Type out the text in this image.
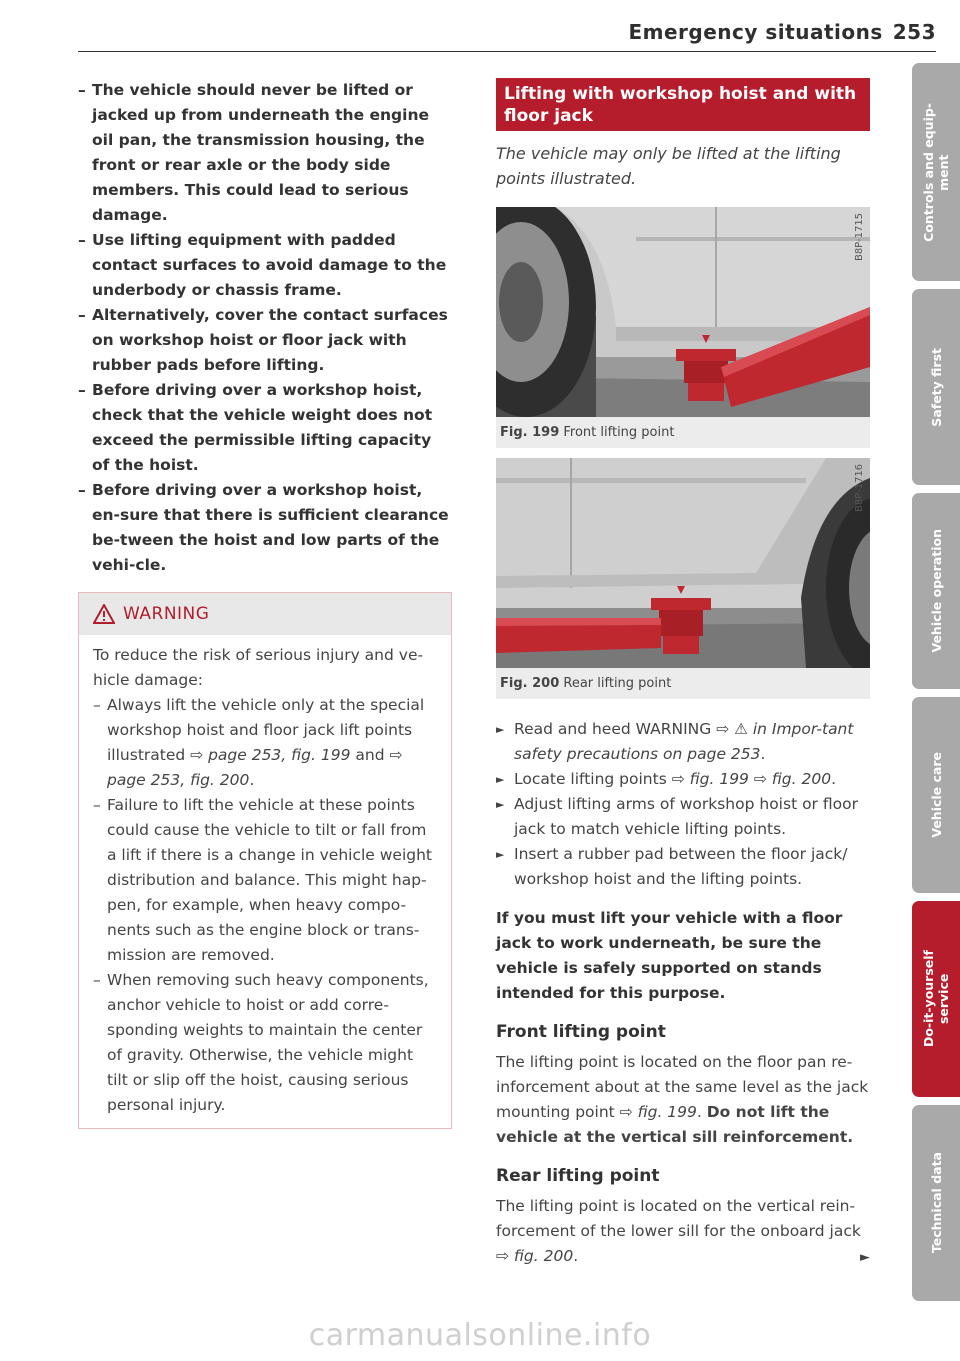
Emergency situations 253
– The vehicle should never be lifted or jacked up from underneath the engine oil pan, the transmission housing, the front or rear axle or the body side members. This could lead to serious damage.
– Use lifting equipment with padded contact surfaces to avoid damage to the underbody or chassis frame.
– Alternatively, cover the contact surfaces on workshop hoist or floor jack with rubber pads before lifting.
– Before driving over a workshop hoist, check that the vehicle weight does not exceed the permissible lifting capacity of the hoist.
– Before driving over a workshop hoist, en-sure that there is sufficient clearance be-tween the hoist and low parts of the vehi-cle.
WARNING
To reduce the risk of serious injury and ve-hicle damage:
– Always lift the vehicle only at the special workshop hoist and floor jack lift points illustrated ⇨ page 253, fig. 199 and ⇨ page 253, fig. 200.
– Failure to lift the vehicle at these points could cause the vehicle to tilt or fall from a lift if there is a change in vehicle weight distribution and balance. This might hap-pen, for example, when heavy compo-nents such as the engine block or trans-mission are removed.
– When removing such heavy components, anchor vehicle to hoist or add corre-sponding weights to maintain the center of gravity. Otherwise, the vehicle might tilt or slip off the hoist, causing serious personal injury.
Lifting with workshop hoist and with floor jack
The vehicle may only be lifted at the lifting points illustrated.
B8P-1715
Fig. 199 Front lifting point
B8P-1716
Fig. 200 Rear lifting point
► Read and heed WARNING ⇨ ⚠ in Impor-tant safety precautions on page 253.
► Locate lifting points ⇨ fig. 199 ⇨ fig. 200.
► Adjust lifting arms of workshop hoist or floor jack to match vehicle lifting points.
► Insert a rubber pad between the floor jack/ workshop hoist and the lifting points.
If you must lift your vehicle with a floor jack to work underneath, be sure the vehicle is safely supported on stands intended for this purpose.
Front lifting point

The lifting point is located on the floor pan re-inforcement about at the same level as the jack mounting point ⇨ fig. 199. Do not lift the vehicle at the vertical sill reinforcement.

Rear lifting point

The lifting point is located on the vertical rein-forcement of the lower sill for the onboard jack ⇨ fig. 200.	►
Controls and equip-
ment
Safety first
Vehicle operation
Vehicle care
Do-it-yourself
service
Technical data
carmanualsonline.info
